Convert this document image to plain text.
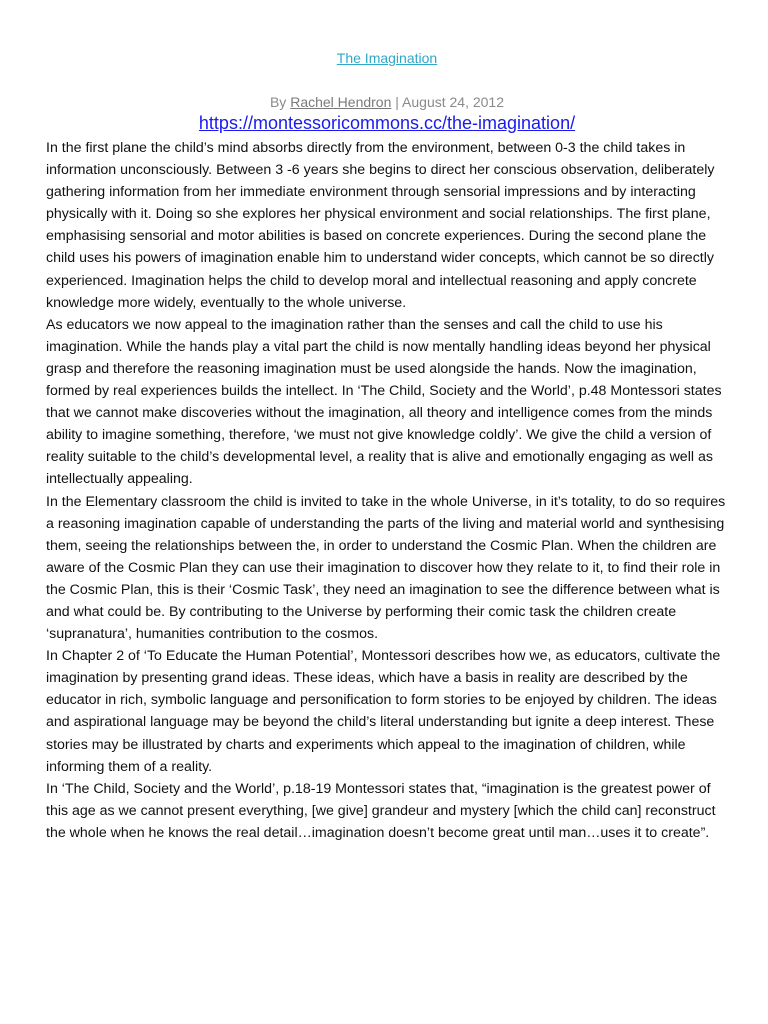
The Imagination
By Rachel Hendron | August 24, 2012
https://montessoricommons.cc/the-imagination/

In the first plane the child’s mind absorbs directly from the environment, between 0-3 the child takes in information unconsciously. Between 3 -6 years she begins to direct her conscious observation, deliberately gathering information from her immediate environment through sensorial impressions and by interacting physically with it. Doing so she explores her physical environment and social relationships. The first plane, emphasising sensorial and motor abilities is based on concrete experiences. During the second plane the child uses his powers of imagination enable him to understand wider concepts, which cannot be so directly experienced. Imagination helps the child to develop moral and intellectual reasoning and apply concrete knowledge more widely, eventually to the whole universe.

As educators we now appeal to the imagination rather than the senses and call the child to use his imagination. While the hands play a vital part the child is now mentally handling ideas beyond her physical grasp and therefore the reasoning imagination must be used alongside the hands. Now the imagination, formed by real experiences builds the intellect. In ‘The Child, Society and the World’, p.48 Montessori states that we cannot make discoveries without the imagination, all theory and intelligence comes from the minds ability to imagine something, therefore, ‘we must not give knowledge coldly’. We give the child a version of reality suitable to the child’s developmental level, a reality that is alive and emotionally engaging as well as intellectually appealing.

In the Elementary classroom the child is invited to take in the whole Universe, in it’s totality, to do so requires a reasoning imagination capable of understanding the parts of the living and material world and synthesising them, seeing the relationships between the, in order to understand the Cosmic Plan. When the children are aware of the Cosmic Plan they can use their imagination to discover how they relate to it, to find their role in the Cosmic Plan, this is their ‘Cosmic Task’, they need an imagination to see the difference between what is and what could be. By contributing to the Universe by performing their comic task the children create ‘supranatura’, humanities contribution to the cosmos.

In Chapter 2 of ‘To Educate the Human Potential’, Montessori describes how we, as educators, cultivate the imagination by presenting grand ideas. These ideas, which have a basis in reality are described by the educator in rich, symbolic language and personification to form stories to be enjoyed by children. The ideas and aspirational language may be beyond the child’s literal understanding but ignite a deep interest. These stories may be illustrated by charts and experiments which appeal to the imagination of children, while informing them of a reality.

In ‘The Child, Society and the World’, p.18-19 Montessori states that, “imagination is the greatest power of this age as we cannot present everything, [we give] grandeur and mystery [which the child can] reconstruct the whole when he knows the real detail…imagination doesn’t become great until man…uses it to create”.
